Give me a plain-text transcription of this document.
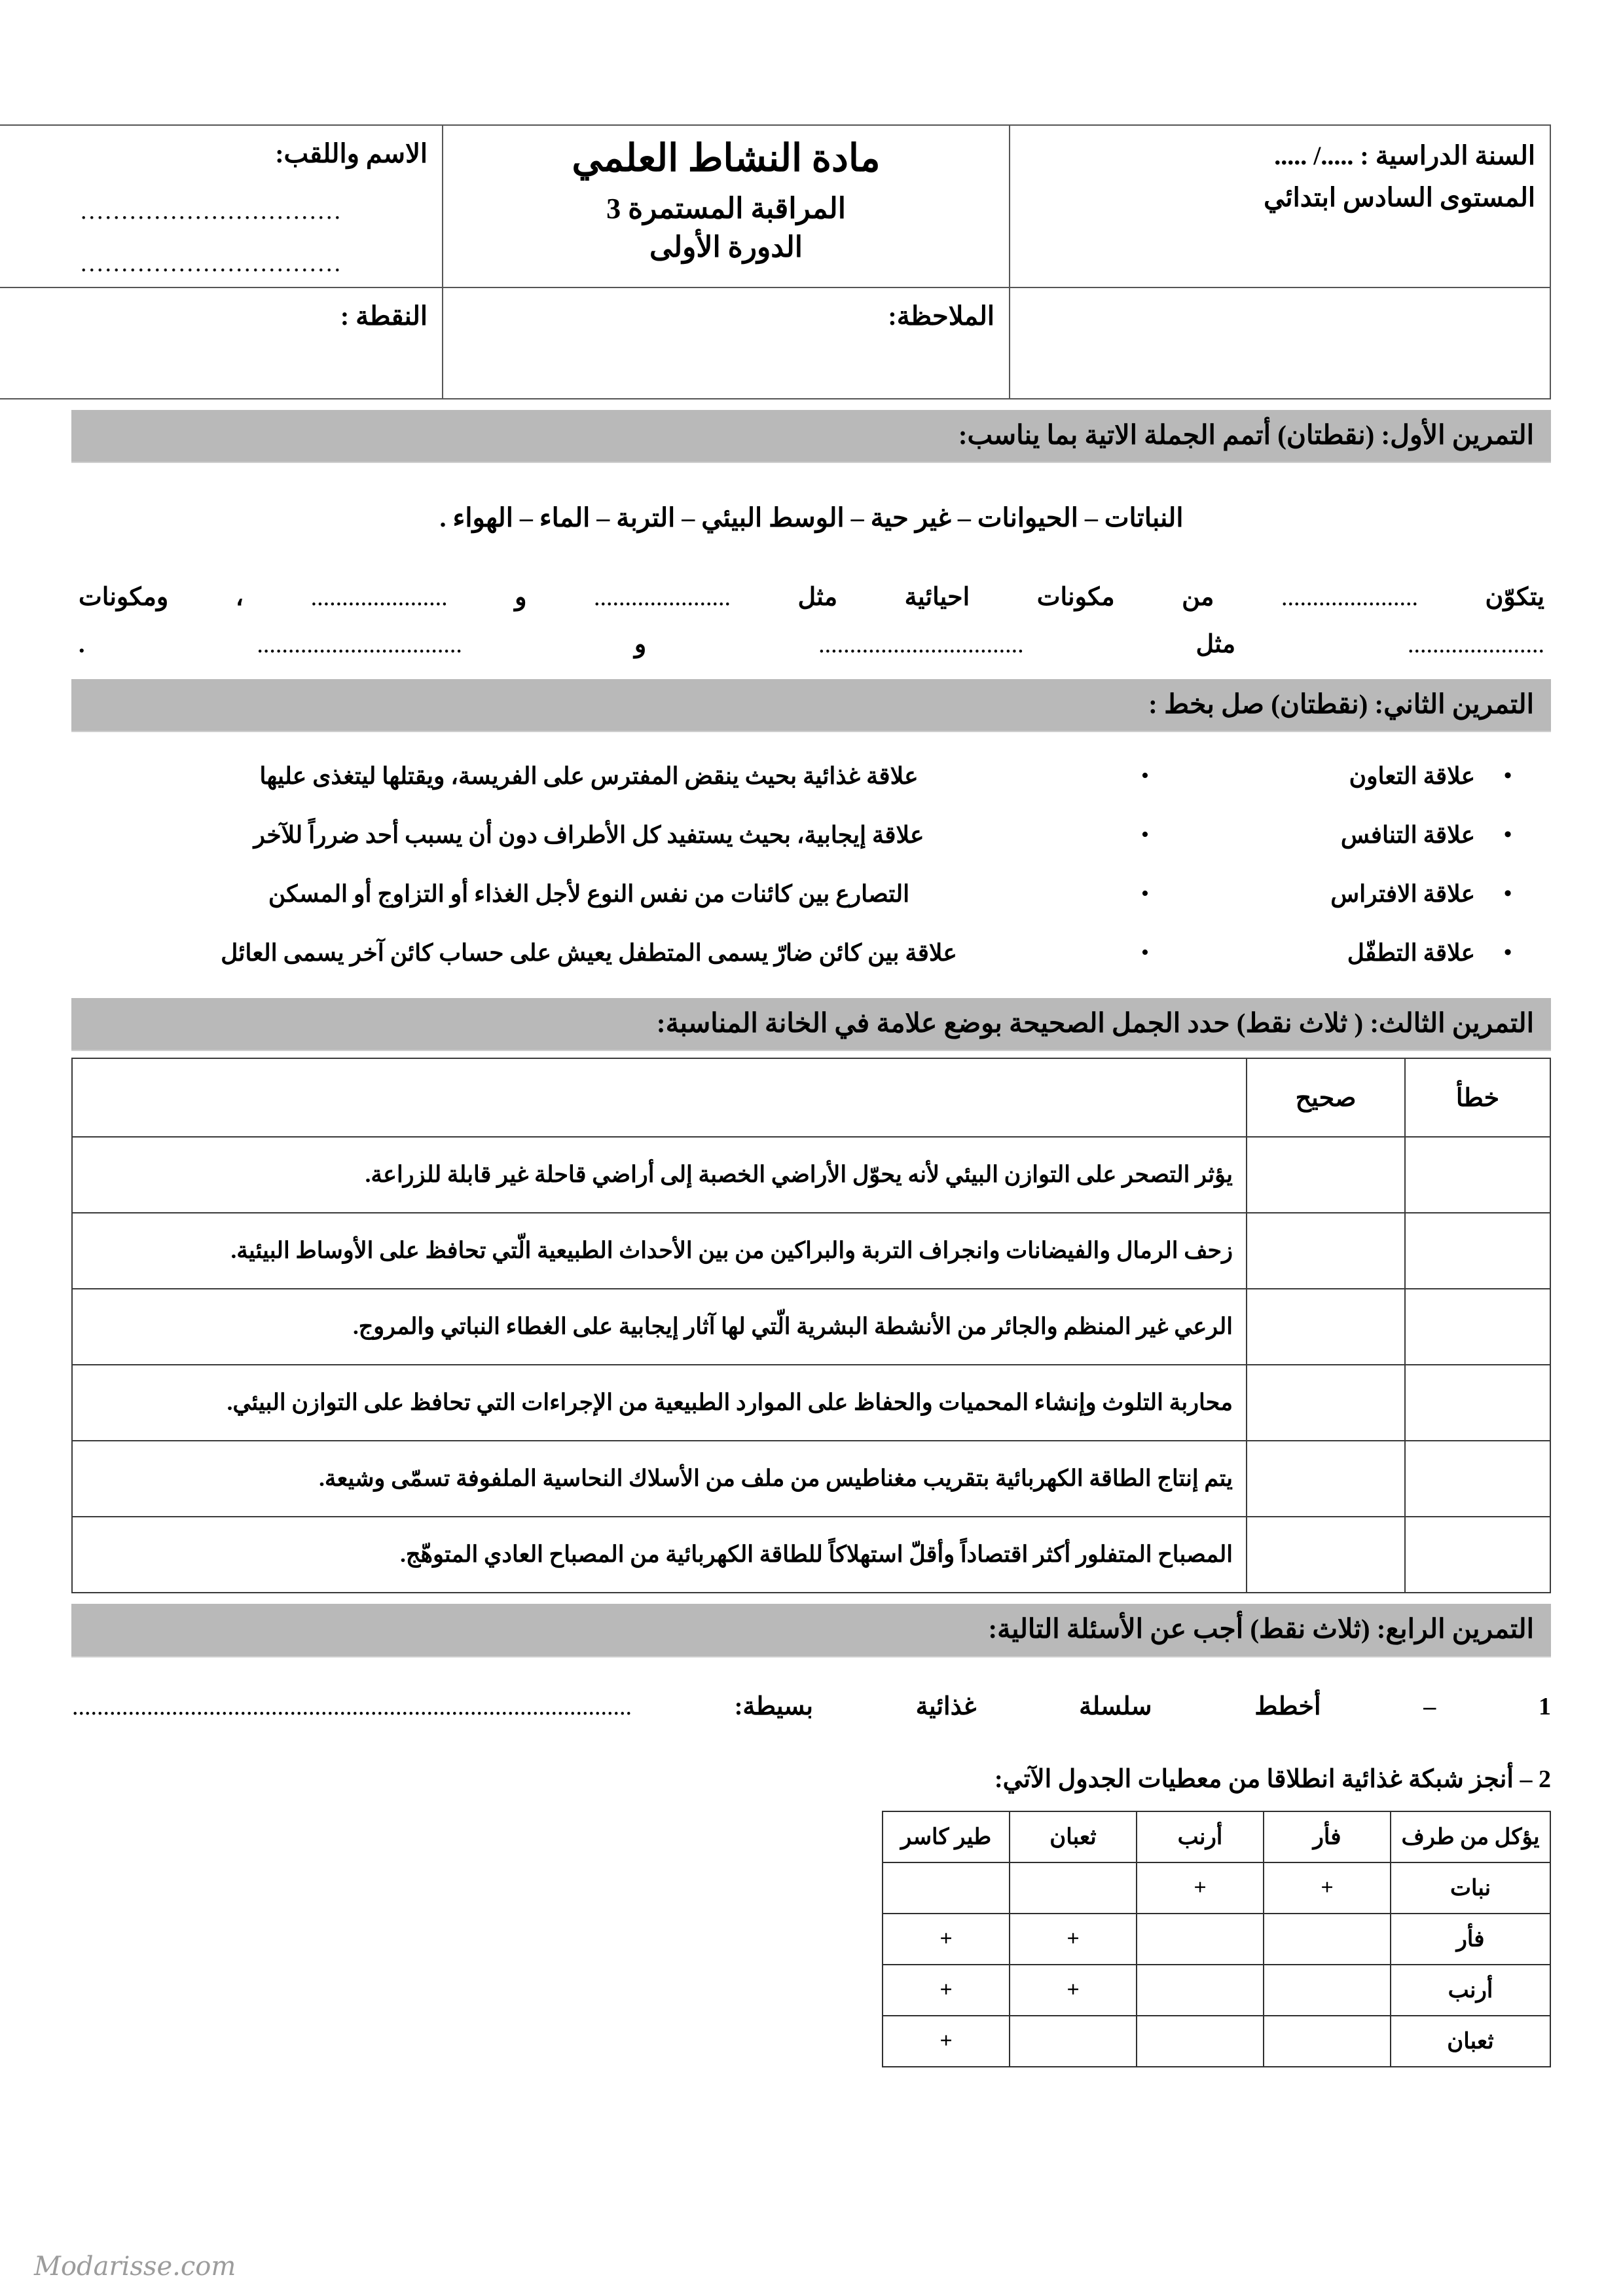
السنة الدراسية : ...../ .....
المستوى السادس ابتدائي

مادة النشاط العلمي
المراقبة المستمرة 3
الدورة الأولى

الاسم واللقب:
................................
................................

	الملاحظة:	النقطة :
التمرين الأول: (نقطتان) أتمم الجملة الاتية بما يناسب:
النباتات – الحيوانات – غير حية – الوسط البيئي – التربة – الماء – الهواء .
يتكوّن ...................... من مكونات احيائية مثل ...................... و ...................... ، ومكونات
...................... مثل ................................. و ................................. .
التمرين الثاني: (نقطتان) صل بخط :
•
علاقة التعاون
•
علاقة غذائية بحيث ينقض المفترس على الفريسة، ويقتلها ليتغذى عليها
•
علاقة التنافس
•
علاقة إيجابية، بحيث يستفيد كل الأطراف دون أن يسبب أحد ضرراً للآخر
•
علاقة الافتراس
•
التصارع بين كائنات من نفس النوع لأجل الغذاء أو التزاوج أو المسكن
•
علاقة التطفّل
•
علاقة بين كائن ضارّ يسمى المتطفل يعيش على حساب كائن آخر يسمى العائل
التمرين الثالث: ( ثلاث نقط) حدد الجمل الصحيحة بوضع علامة في الخانة المناسبة:
خطأ	صحيح	
		يؤثر التصحر على التوازن البيئي لأنه يحوّل الأراضي الخصبة إلى أراضي قاحلة غير قابلة للزراعة.
		زحف الرمال والفيضانات وانجراف التربة والبراكين من بين الأحداث الطبيعية الّتي تحافظ على الأوساط البيئية.
		الرعي غير المنظم والجائر من الأنشطة البشرية الّتي لها آثار إيجابية على الغطاء النباتي والمروج.
		محاربة التلوث وإنشاء المحميات والحفاظ على الموارد الطبيعية من الإجراءات التي تحافظ على التوازن البيئي.
		يتم إنتاج الطاقة الكهربائية بتقريب مغناطيس من ملف من الأسلاك النحاسية الملفوفة تسمّى وشيعة.
		المصباح المتفلور أكثر اقتصاداً وأقلّ استهلاكاً للطاقة الكهربائية من المصباح العادي المتوهّج.
التمرين الرابع: (ثلاث نقط) أجب عن الأسئلة التالية:
1 – أخطط سلسلة غذائية بسيطة: ..........................................................................................
2 – أنجز شبكة غذائية انطلاقا من معطيات الجدول الآتي:
يؤكل من طرف	فأر	أرنب	ثعبان	طير كاسر
نبات	+	+		
فأر			+	+
أرنب			+	+
ثعبان				+
Modarisse.com
